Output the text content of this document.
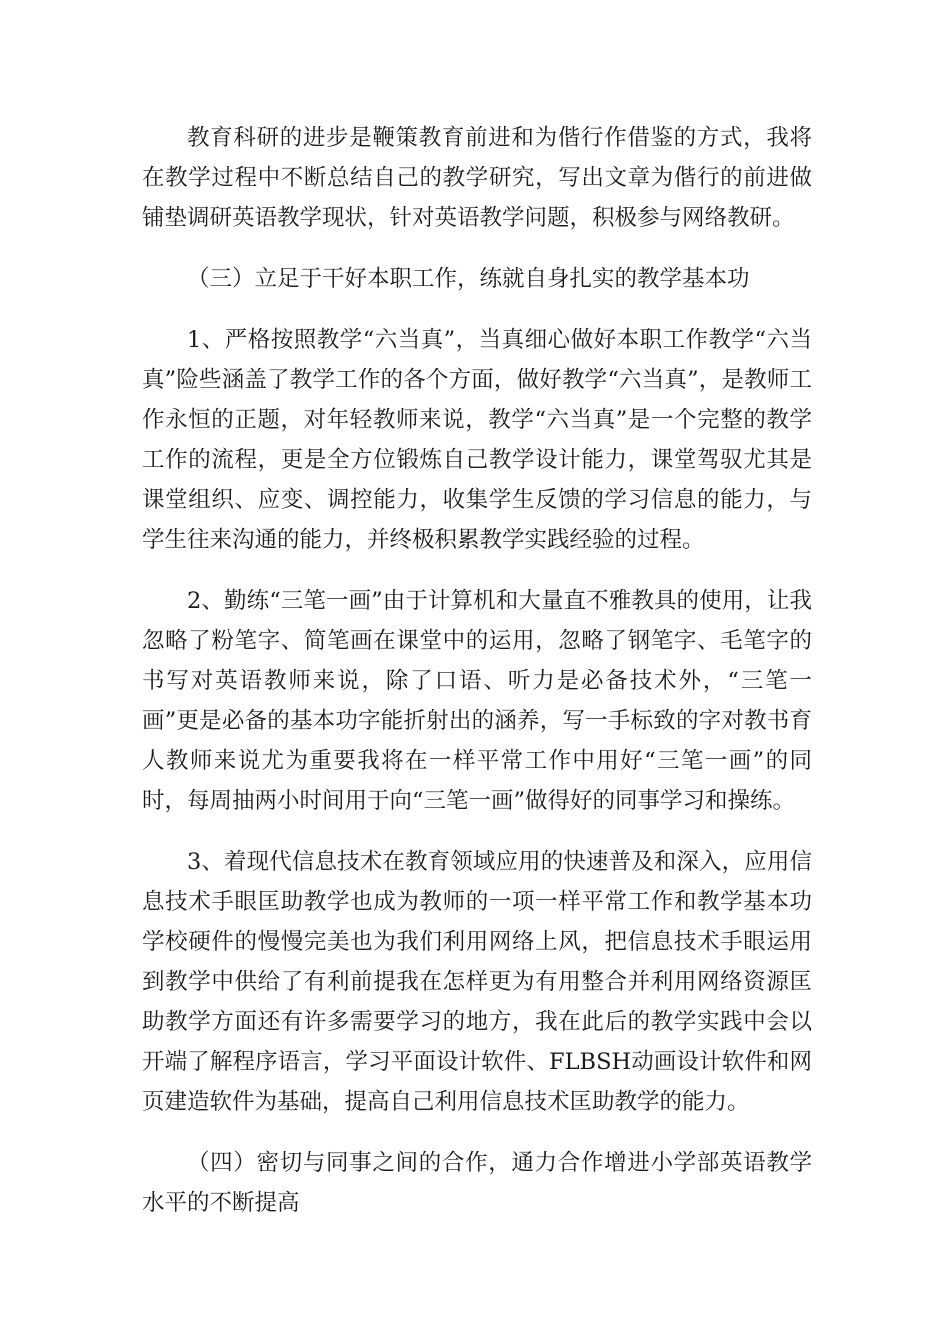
教育科研的进步是鞭策教育前进和为偕行作借鉴的方式，我将在教学过程中不断总结自己的教学研究，写出文章为偕行的前进做铺垫调研英语教学现状，针对英语教学问题，积极参与网络教研。

（三）立足于干好本职工作，练就自身扎实的教学基本功

1、严格按照教学“六当真”，当真细心做好本职工作教学“六当真”险些涵盖了教学工作的各个方面，做好教学“六当真”，是教师工作永恒的正题，对年轻教师来说，教学“六当真”是一个完整的教学工作的流程，更是全方位锻炼自己教学设计能力，课堂驾驭尤其是课堂组织、应变、调控能力，收集学生反馈的学习信息的能力，与学生往来沟通的能力，并终极积累教学实践经验的过程。

2、勤练“三笔一画”由于计算机和大量直不雅教具的使用，让我忽略了粉笔字、简笔画在课堂中的运用，忽略了钢笔字、毛笔字的书写对英语教师来说，除了口语、听力是必备技术外，“三笔一画”更是必备的基本功字能折射出的涵养，写一手标致的字对教书育人教师来说尤为重要我将在一样平常工作中用好“三笔一画”的同时，每周抽两小时间用于向“三笔一画”做得好的同事学习和操练。

3、着现代信息技术在教育领域应用的快速普及和深入，应用信息技术手眼匡助教学也成为教师的一项一样平常工作和教学基本功学校硬件的慢慢完美也为我们利用网络上风，把信息技术手眼运用到教学中供给了有利前提我在怎样更为有用整合并利用网络资源匡助教学方面还有许多需要学习的地方，我在此后的教学实践中会以开端了解程序语言，学习平面设计软件、FLBSH动画设计软件和网页建造软件为基础，提高自己利用信息技术匡助教学的能力。

（四）密切与同事之间的合作，通力合作增进小学部英语教学水平的不断提高
